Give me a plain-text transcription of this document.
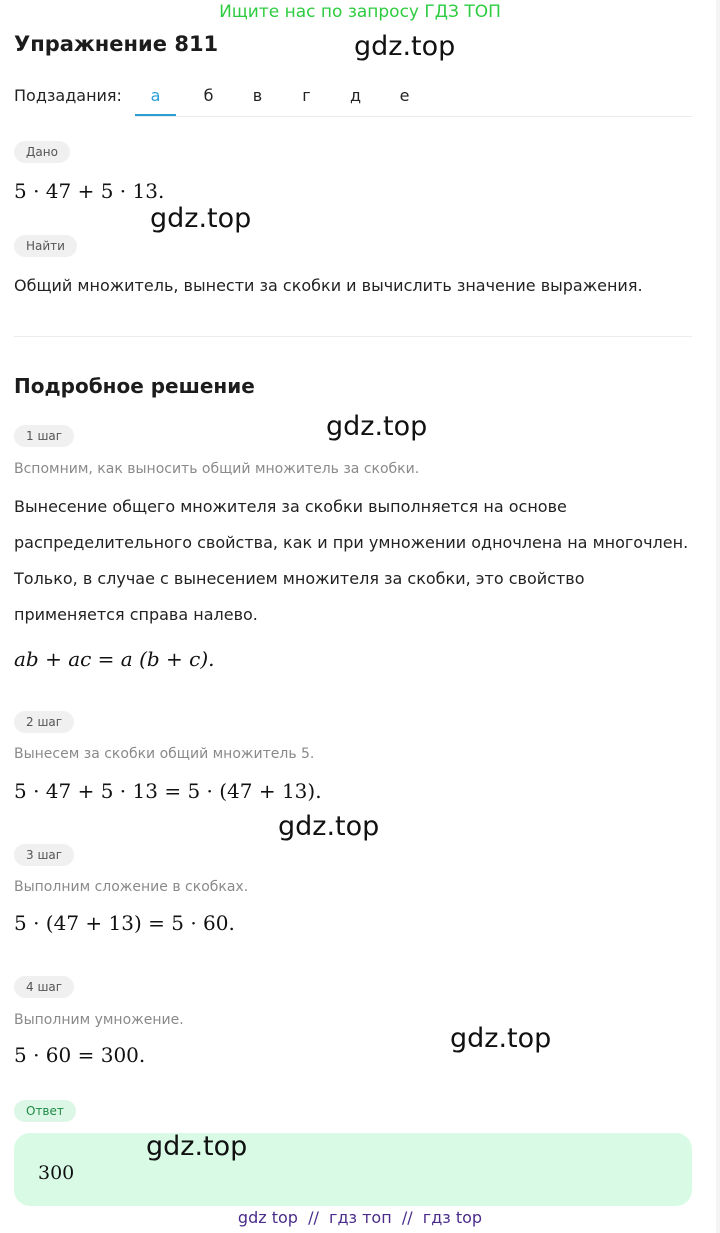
Ищите нас по запросу ГДЗ ТОП
Упражнение 811
Подзадания:	а	б	в	г	д	е
Дано
5 · 47 + 5 · 13.
Найти
Общий множитель, вынести за скобки и вычислить значение выражения.
Подробное решение
1 шаг
Вспомним, как выносить общий множитель за скобки.
Вынесение общего множителя за скобки выполняется на основе
распределительного свойства, как и при умножении одночлена на многочлен.
Только, в случае с вынесением множителя за скобки, это свойство
применяется справа налево.
ab + ac = a (b + c).
2 шаг
Вынесем за скобки общий множитель 5.
5 · 47 + 5 · 13 = 5 · (47 + 13).
3 шаг
Выполним сложение в скобках.
5 · (47 + 13) = 5 · 60.
4 шаг
Выполним умножение.
5 · 60 = 300.
Ответ
300
gdz.top
gdz.top
gdz.top
gdz.top
gdz.top
gdz.top
gdz top  //  гдз топ  //  гдз top
